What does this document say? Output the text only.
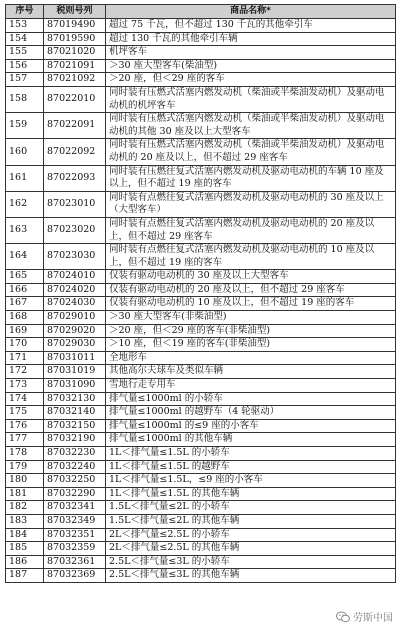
序号	税则号列	商品名称*
153	87019490	超过 75 千瓦，但不超过 130 千瓦的其他牵引车
154	87019590	超过 130 千瓦的其他牵引车辆
155	87021020	机坪客车
156	87021091	＞30 座大型客车(柴油型)
157	87021092	＞20 座，但＜29 座的客车
158	87022010	同时装有压燃式活塞内燃发动机（柴油或半柴油发动机）及驱动电动机的机坪客车
159	87022091	同时装有压燃式活塞内燃发动机（柴油或半柴油发动机）及驱动电动机的其他 30 座及以上大型客车
160	87022092	同时装有压燃式活塞内燃发动机（柴油或半柴油发动机）及驱动电动机的 20 座及以上，但不超过 29 座客车
161	87022093	同时装有压燃往复式活塞内燃发动机及驱动电动机的车辆 10 座及以上，但不超过 19 座的客车
162	87023010	同时装有点燃往复式活塞内燃发动机及驱动电动机的 30 座及以上（大型客车）
163	87023020	同时装有点燃往复式活塞内燃发动机及驱动电动机的 20 座及以上，但不超过 29 座客车
164	87023030	同时装有点燃往复式活塞内燃发动机及驱动电动机的 10 座及以上，但不超过 19 座的客车
165	87024010	仅装有驱动电动机的 30 座及以上大型客车
166	87024020	仅装有驱动电动机的 20 座及以上，但不超过 29 座客车
167	87024030	仅装有驱动电动机的 10 座及以上，但不超过 19 座的客车
168	87029010	＞30 座大型客车(非柴油型)
169	87029020	＞20 座，但＜29 座的客车(非柴油型)
170	87029030	＞10 座，但＜19 座的客车(非柴油型)
171	87031011	全地形车
172	87031019	其他高尔夫球车及类似车辆
173	87031090	雪地行走专用车
174	87032130	排气量≤1000ml 的小轿车
175	87032140	排气量≤1000ml 的越野车（4 轮驱动）
176	87032150	排气量≤1000ml 的≤9 座的小客车
177	87032190	排气量≤1000ml 的其他车辆
178	87032230	1L＜排气量≤1.5L 的小轿车
179	87032240	1L＜排气量≤1.5L 的越野车
180	87032250	1L＜排气量≤1.5L，≤9 座的小客车
181	87032290	1L＜排气量≤1.5L 的其他车辆
182	87032341	1.5L＜排气量≤2L 的小轿车
183	87032349	1.5L＜排气量≤2L 的其他车辆
184	87032351	2L＜排气量≤2.5L 的小轿车
185	87032359	2L＜排气量≤2.5L 的其他车辆
186	87032361	2.5L＜排气量≤3L 的小轿车
187	87032369	2.5L＜排气量≤3L 的其他车辆
劳斯中国
